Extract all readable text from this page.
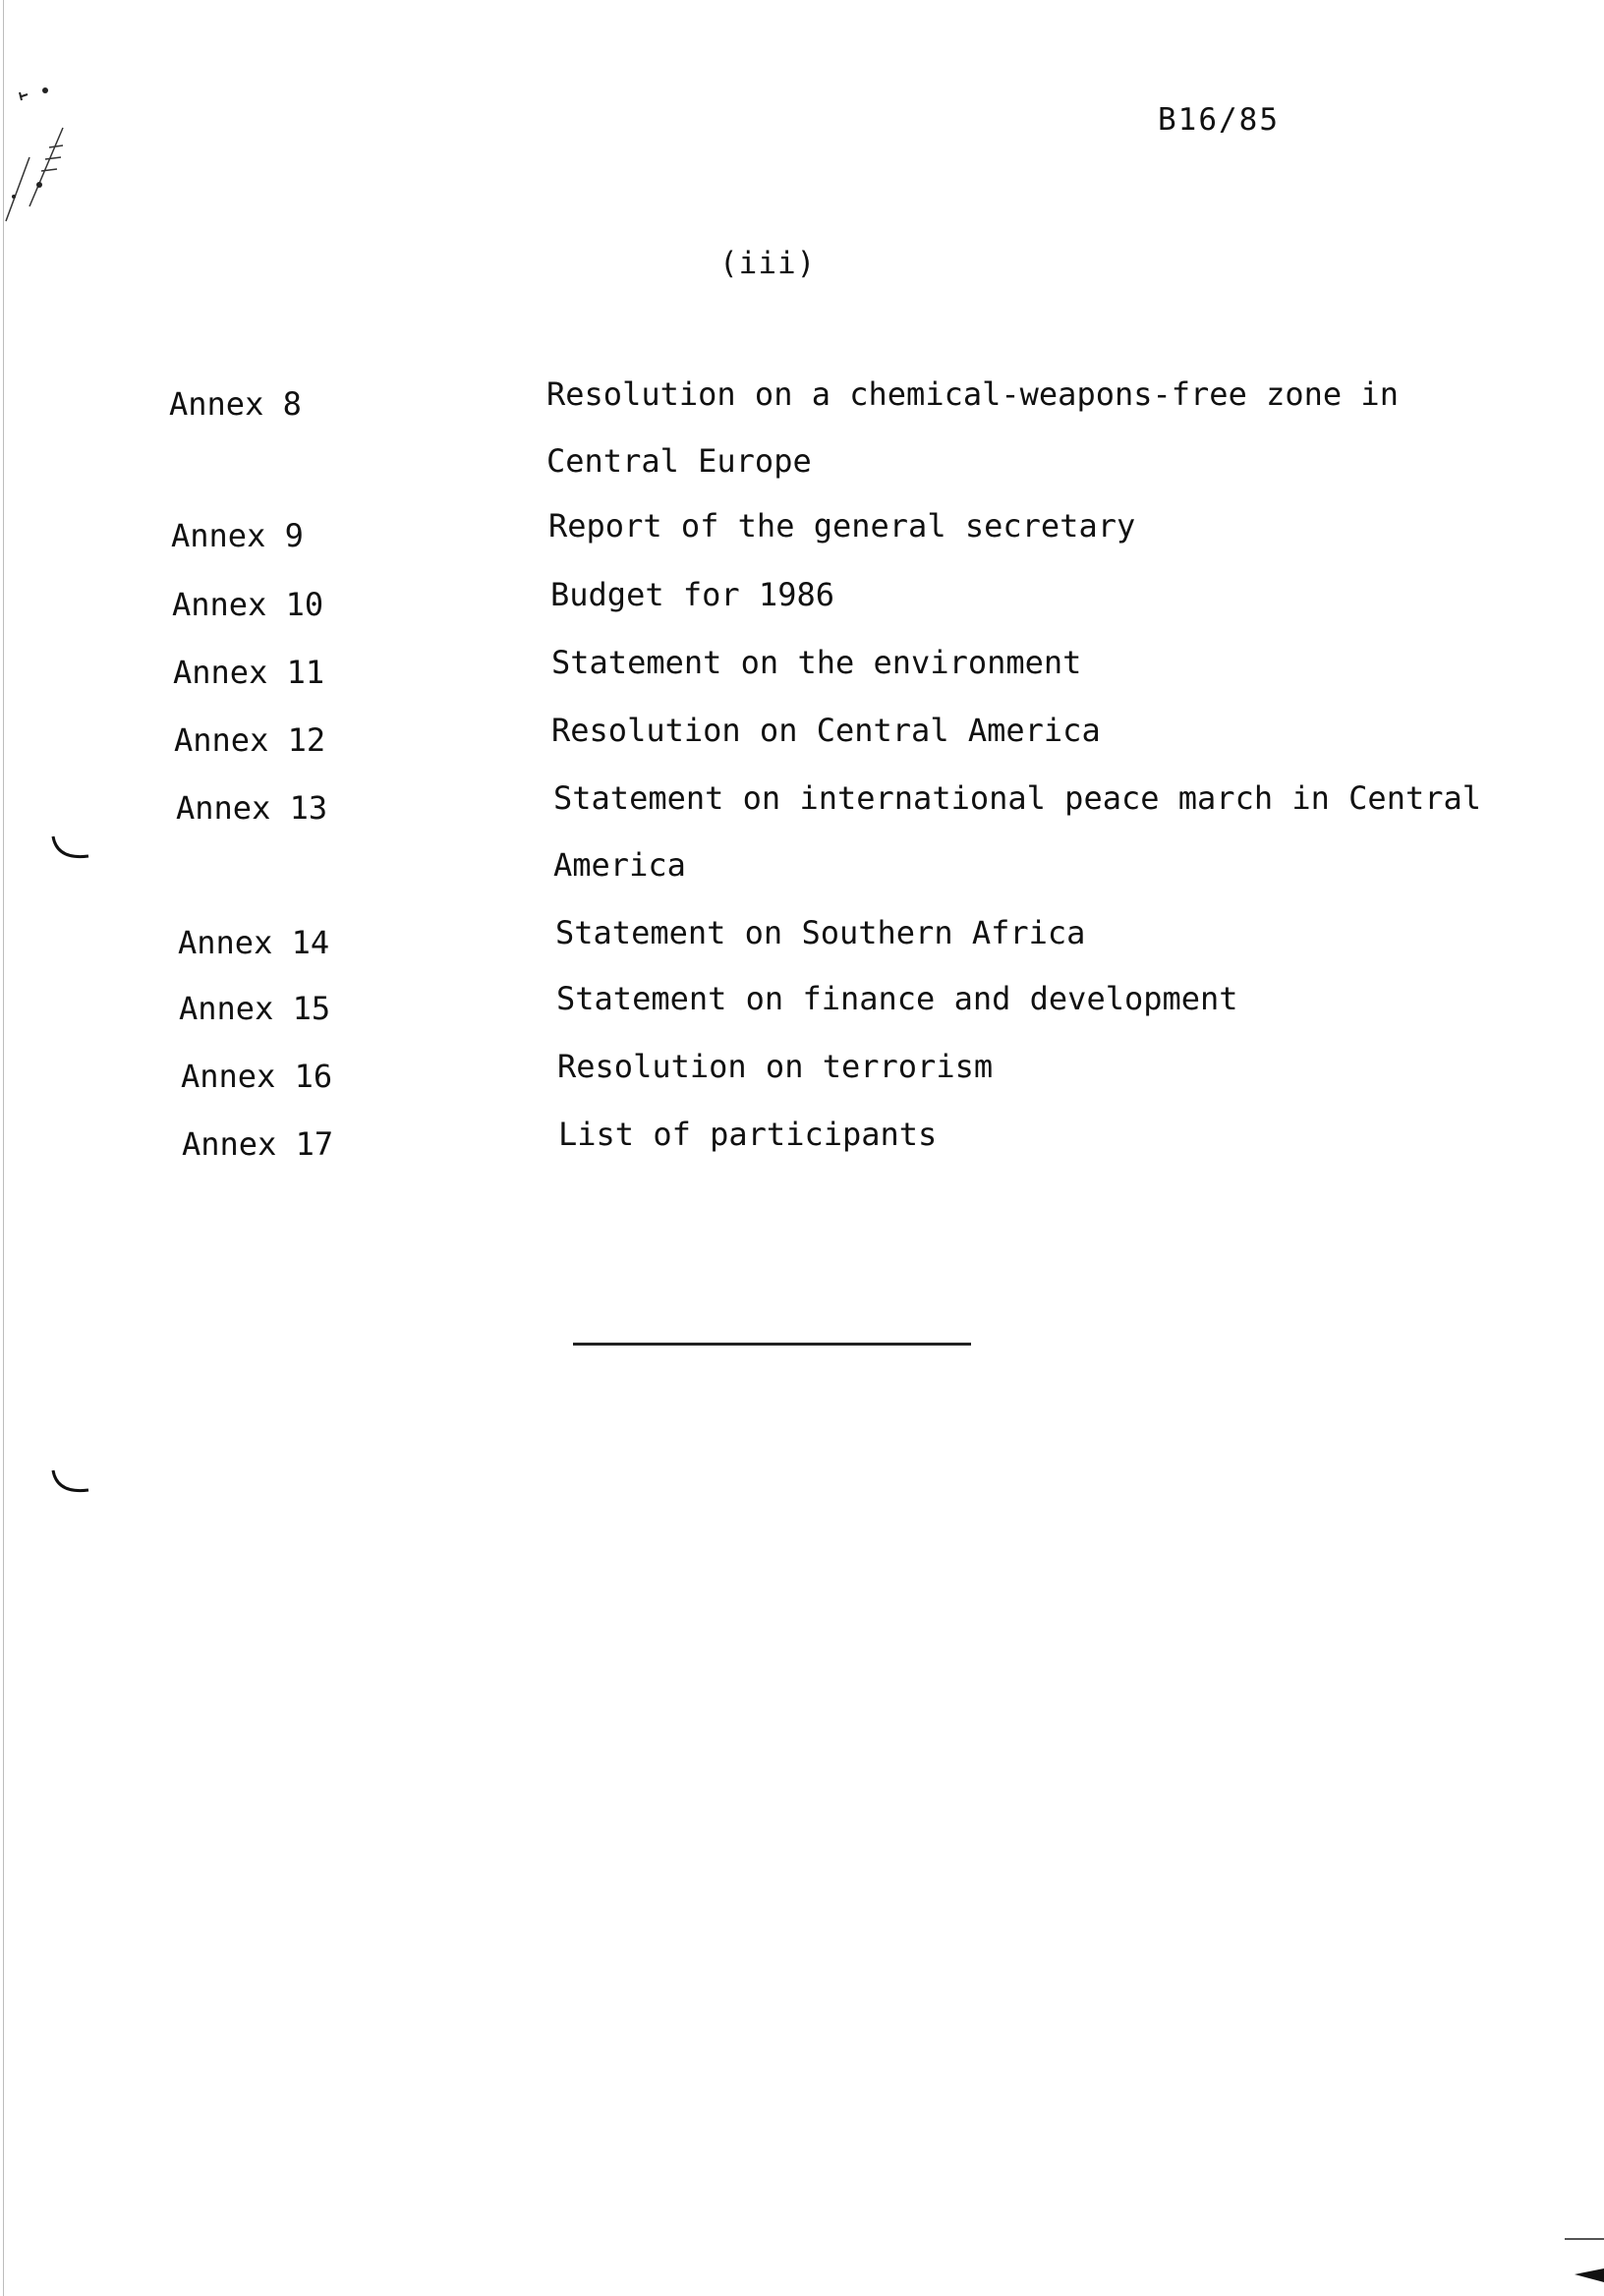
B16/85
(iii)
Annex 8	Resolution on a chemical-weapons-free zone in
Central Europe
Annex 9	Report of the general secretary
Annex 10	Budget for 1986
Annex 11	Statement on the environment
Annex 12	Resolution on Central America
Annex 13	Statement on international peace march in Central
America
Annex 14	Statement on Southern Africa
Annex 15	Statement on finance and development
Annex 16	Resolution on terrorism
Annex 17	List of participants
